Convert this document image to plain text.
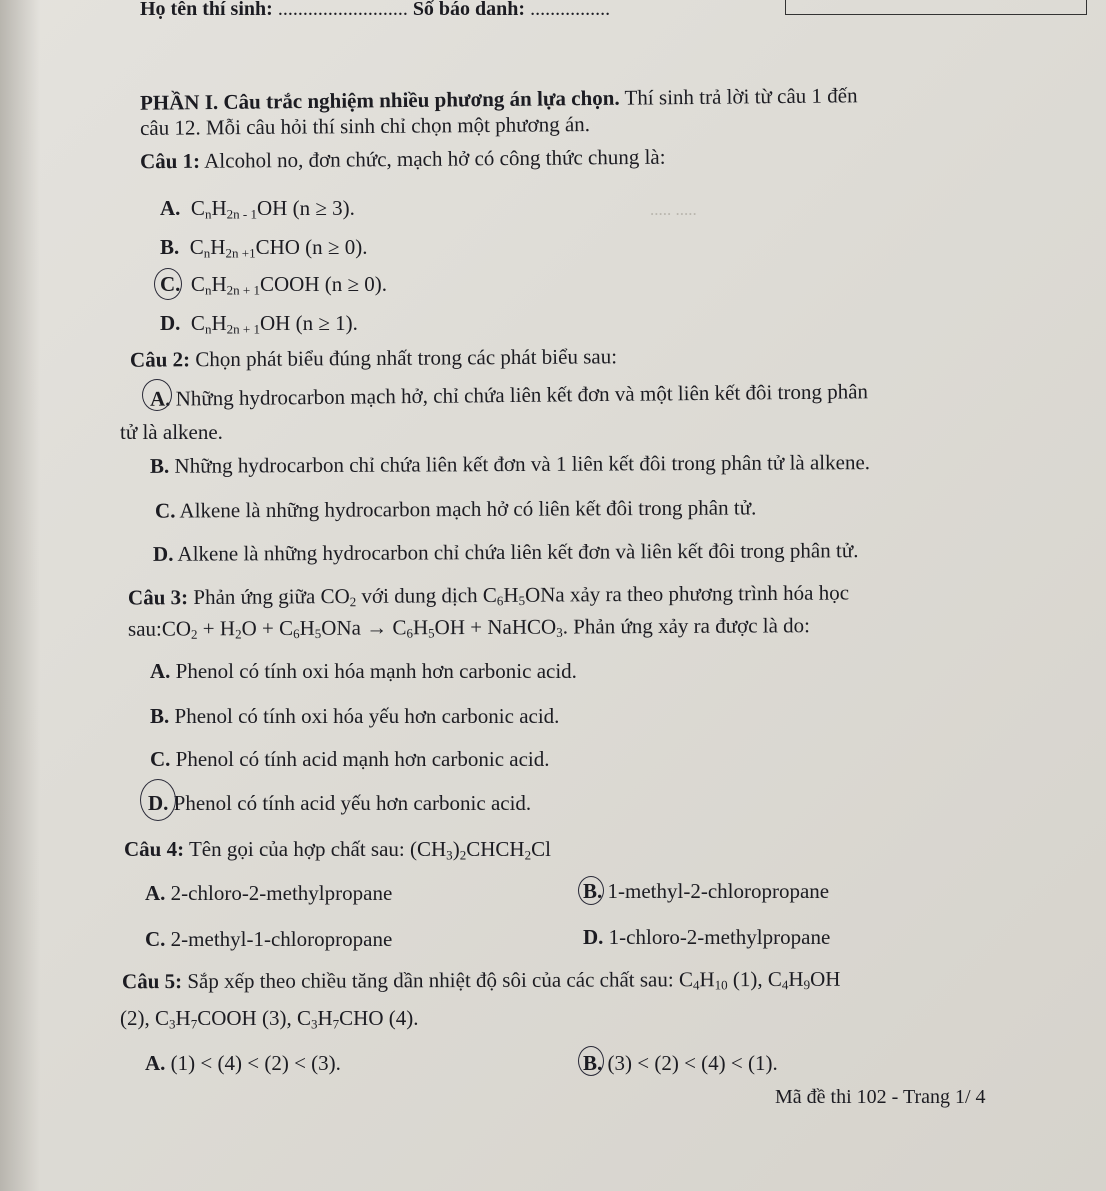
..... .....
Họ tên thí sinh: .......................... Số báo danh: ................
PHẦN I. Câu trắc nghiệm nhiều phương án lựa chọn. Thí sinh trả lời từ câu 1 đến
câu 12. Mỗi câu hỏi thí sinh chỉ chọn một phương án.
Câu 1: Alcohol no, đơn chức, mạch hở có công thức chung là:
A. $C_nH_{2n - 1}OH$ (n ≥ 3).
B. $C_nH_{2n +1}CHO$ (n ≥ 0).
C. $C_nH_{2n + 1}COOH$ (n ≥ 0).
D. $C_nH_{2n + 1}OH$ (n ≥ 1).
Câu 2: Chọn phát biểu đúng nhất trong các phát biểu sau:
A. Những hydrocarbon mạch hở, chỉ chứa liên kết đơn và một liên kết đôi trong phân
tử là alkene.
B. Những hydrocarbon chỉ chứa liên kết đơn và 1 liên kết đôi trong phân tử là alkene.
C. Alkene là những hydrocarbon mạch hở có liên kết đôi trong phân tử.
D. Alkene là những hydrocarbon chỉ chứa liên kết đơn và liên kết đôi trong phân tử.
Câu 3: Phản ứng giữa $CO_2$ với dung dịch $C_6H_5ONa$ xảy ra theo phương trình hóa học
$sau:CO_2 + H_2O + C_6H_5ONa \to C_6H_5OH$ + NaHCO$_3$. Phản ứng xảy ra được là do:
A. Phenol có tính oxi hóa mạnh hơn carbonic acid.
B. Phenol có tính oxi hóa yếu hơn carbonic acid.
C. Phenol có tính acid mạnh hơn carbonic acid.
D. Phenol có tính acid yếu hơn carbonic acid.
Câu 4: Tên gọi của hợp chất sau: $(CH_3)_2CHCH_2Cl$
A. 2-chloro-2-methylpropane	B. 1-methyl-2-chloropropane
C. 2-methyl-1-chloropropane	D. 1-chloro-2-methylpropane
Câu 5: Sắp xếp theo chiều tăng dần nhiệt độ sôi của các chất sau: $C_4H_{10}$ (1), $C_4H_9OH$
(2), $C_3H_7COOH$ (3), $C_3H_7CHO$ (4).
A. (1) < (4) < (2) < (3).	B. (3) < (2) < (4) < (1).
Mã đề thi 102 - Trang 1/ 4
